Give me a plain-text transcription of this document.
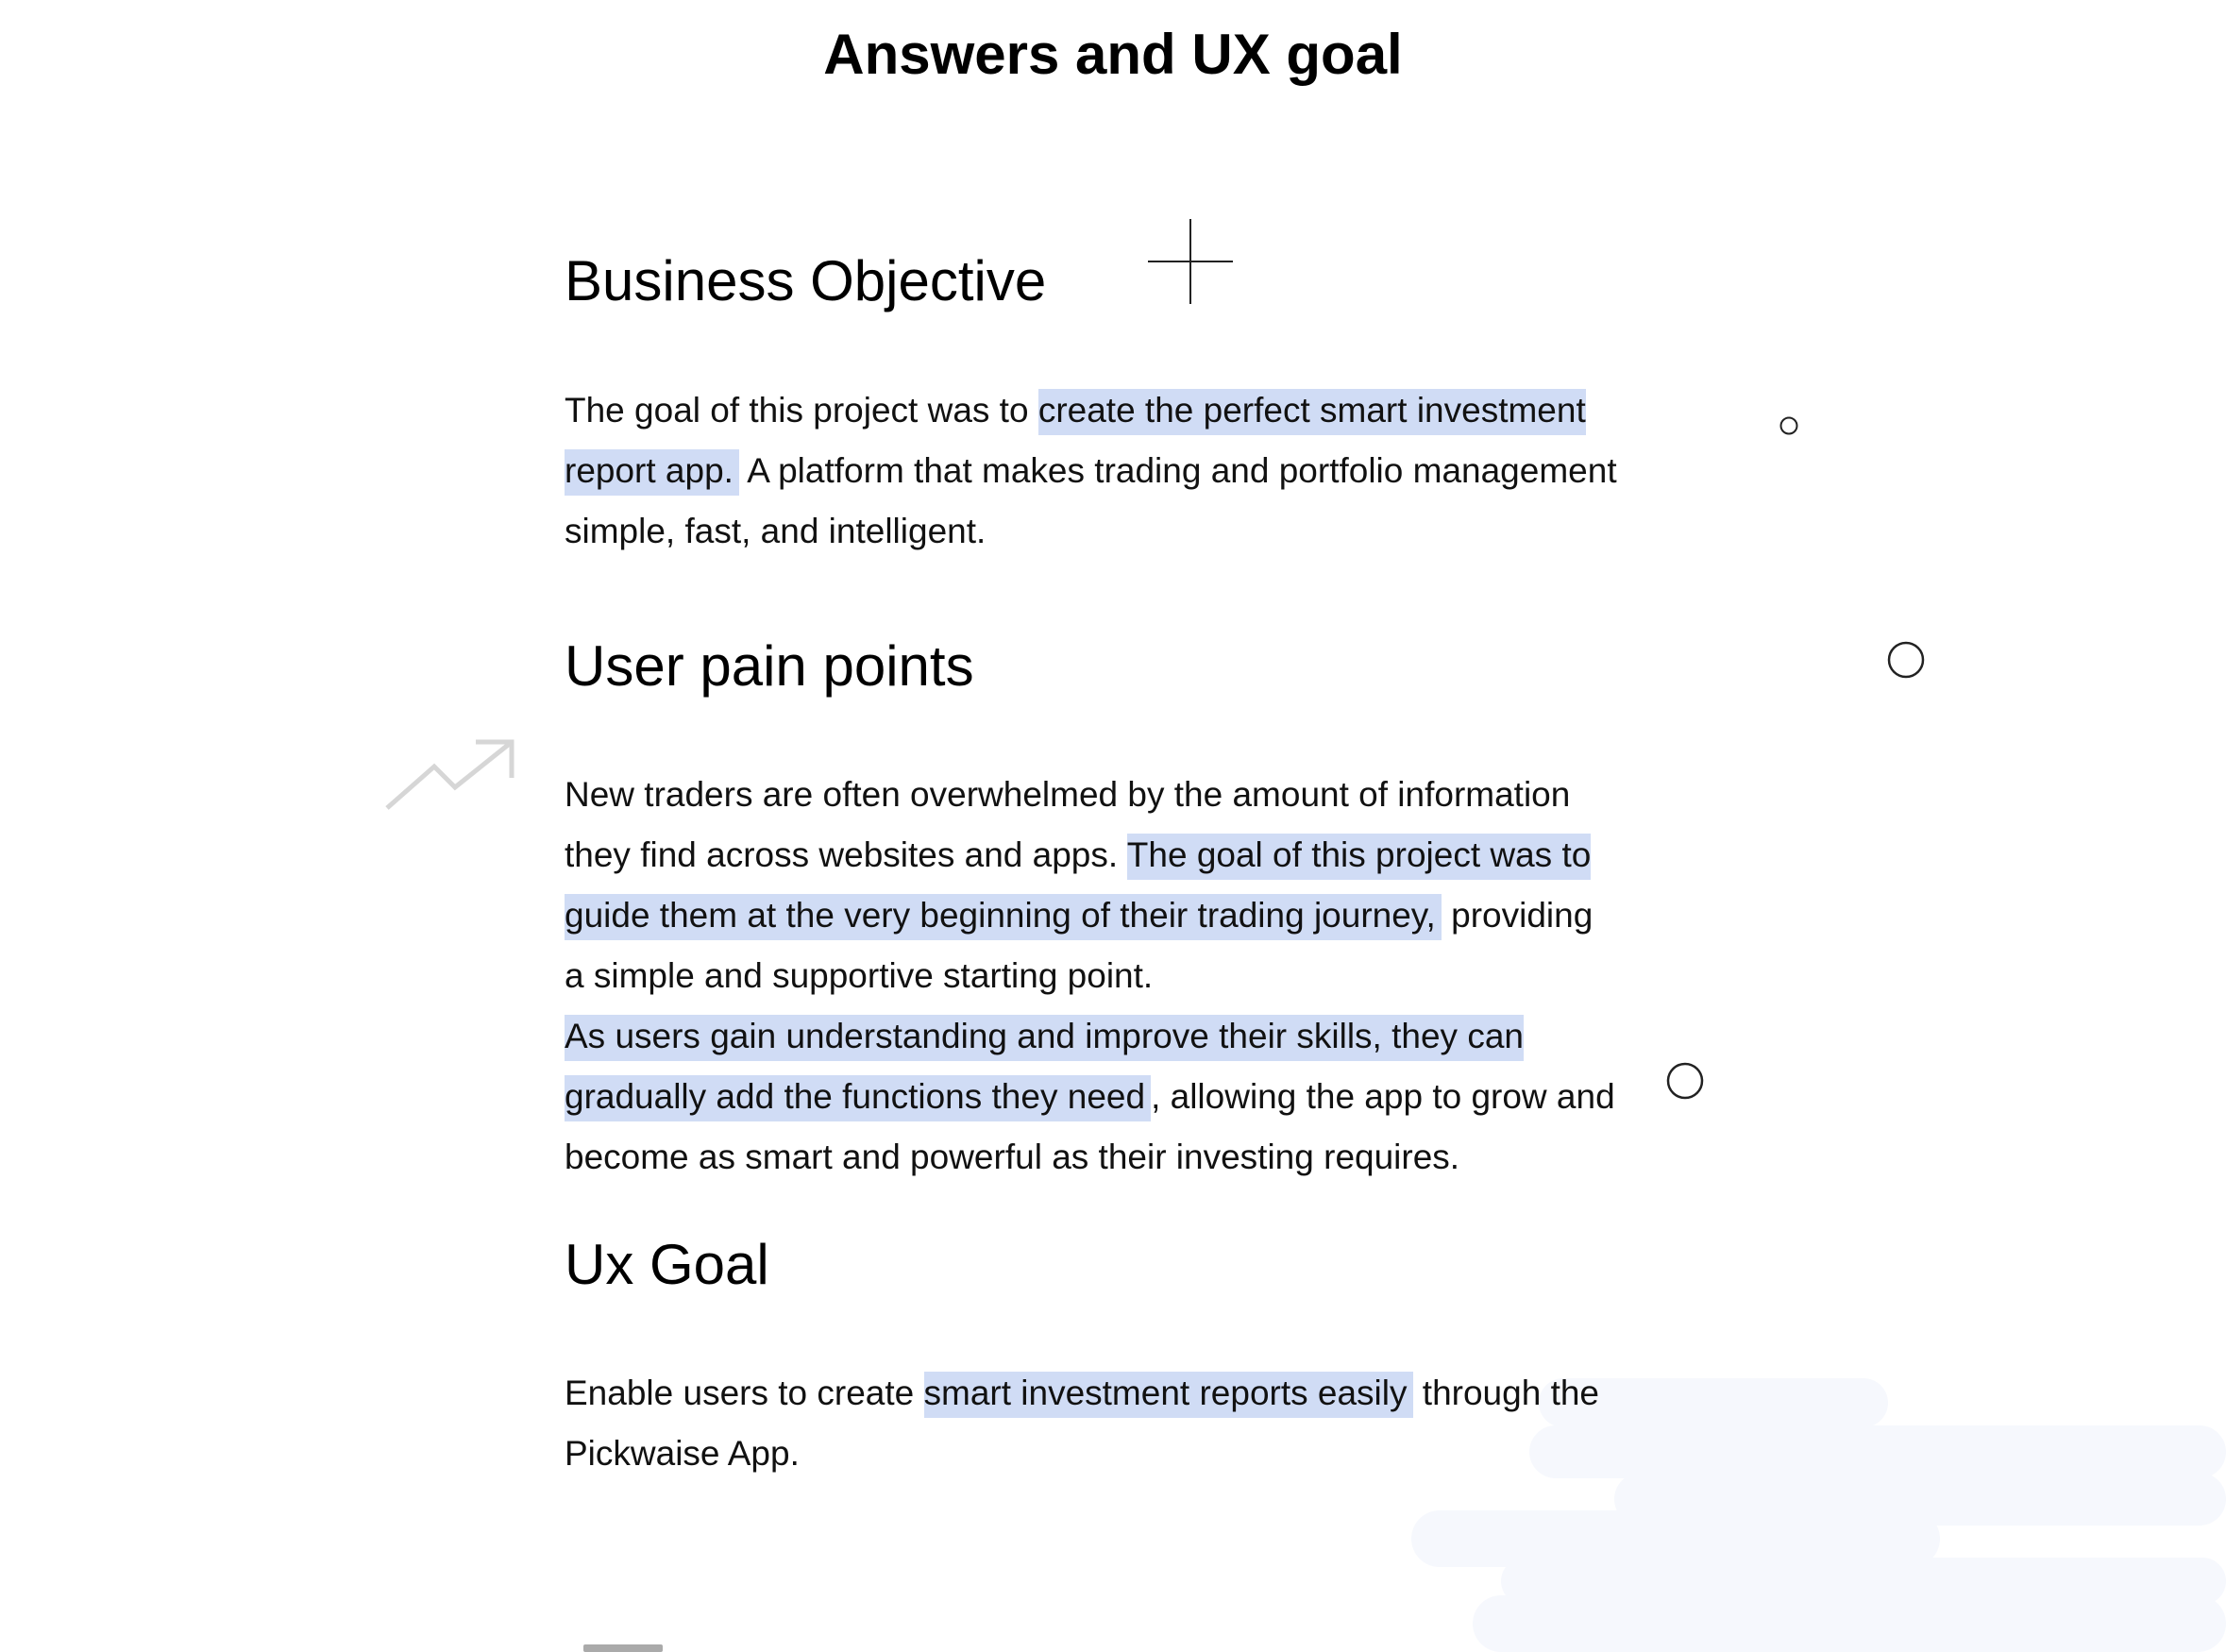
Answers and UX goal
Business Objective

The goal of this project was to create the perfect smart investment report app. A platform that makes trading and portfolio management simple, fast, and intelligent.

User pain points

New traders are often overwhelmed by the amount of information they find across websites and apps. The goal of this project was to guide them at the very beginning of their trading journey, providing a simple and supportive starting point.
As users gain understanding and improve their skills, they can gradually add the functions they need , allowing the app to grow and become as smart and powerful as their investing requires.

Ux Goal

Enable users to create smart investment reports easily through the Pickwaise App.
